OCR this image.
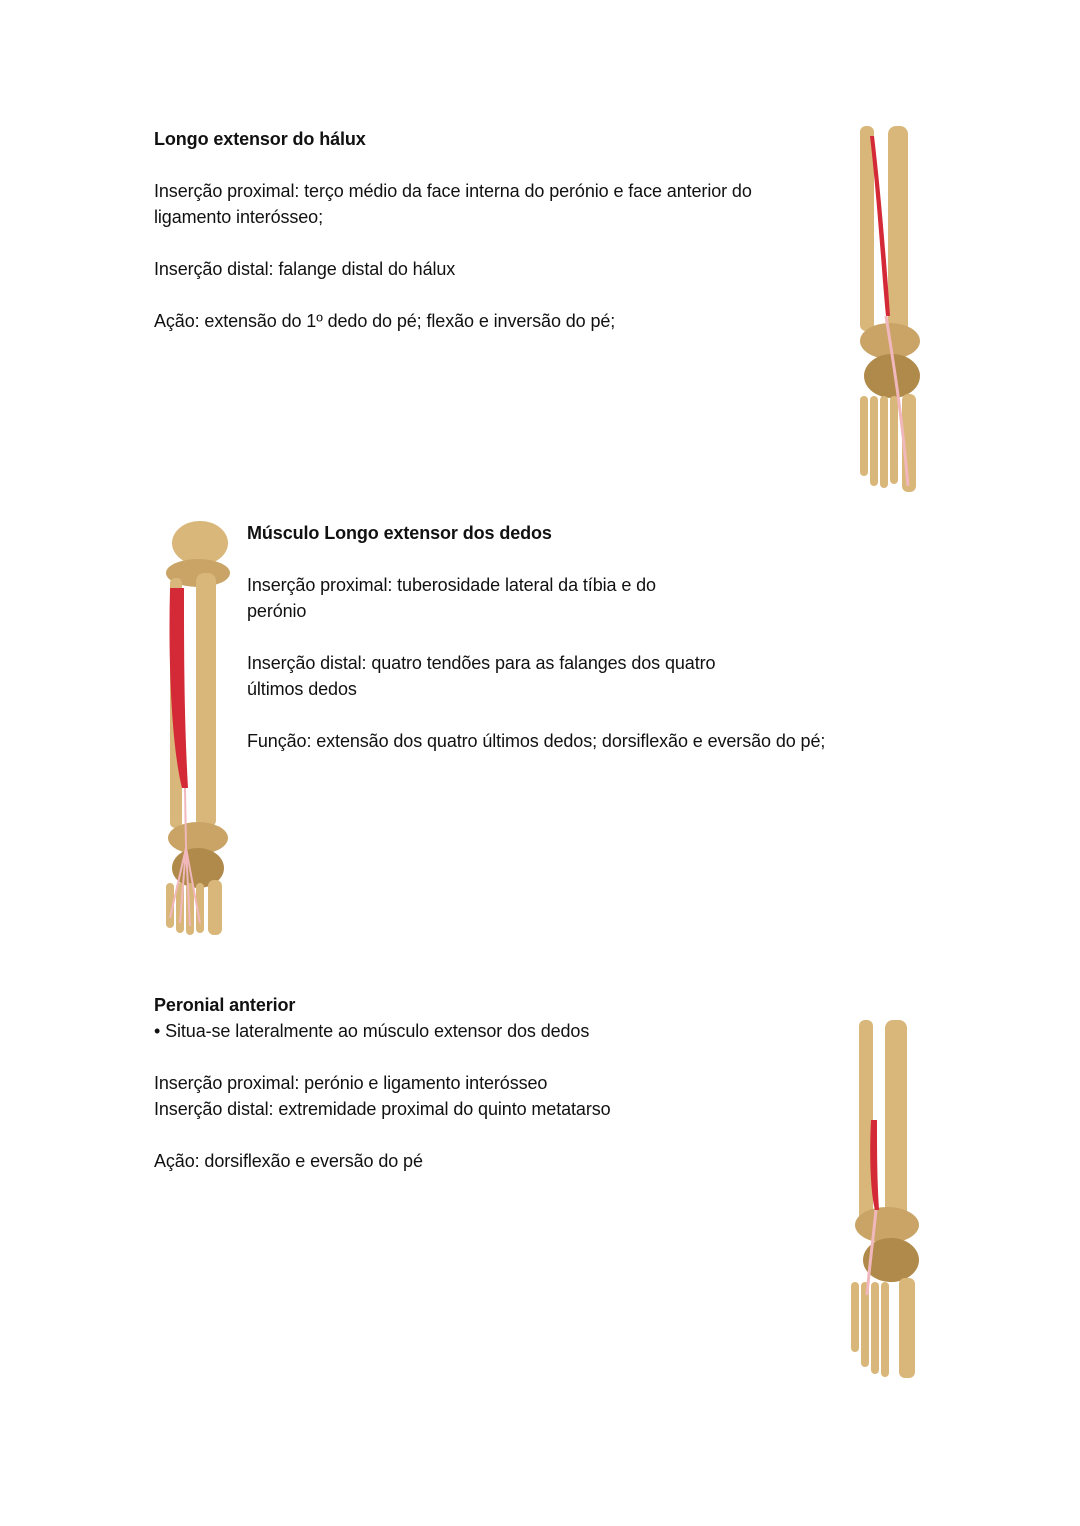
Longo extensor do hálux

Inserção proximal: terço médio da face interna do perónio e face anterior do

ligamento interósseo;

Inserção distal: falange distal do hálux

Ação: extensão do 1º dedo do pé; flexão e inversão do pé;

Músculo Longo extensor dos dedos

Inserção proximal: tuberosidade lateral da tíbia e do

perónio

Inserção distal: quatro tendões para as falanges dos quatro

últimos dedos

Função: extensão dos quatro últimos dedos; dorsiflexão e eversão do pé;

Peronial anterior

• Situa-se lateralmente ao músculo extensor dos dedos

Inserção proximal: perónio e ligamento interósseo

Inserção distal: extremidade proximal do quinto metatarso

Ação: dorsiflexão e eversão do pé
